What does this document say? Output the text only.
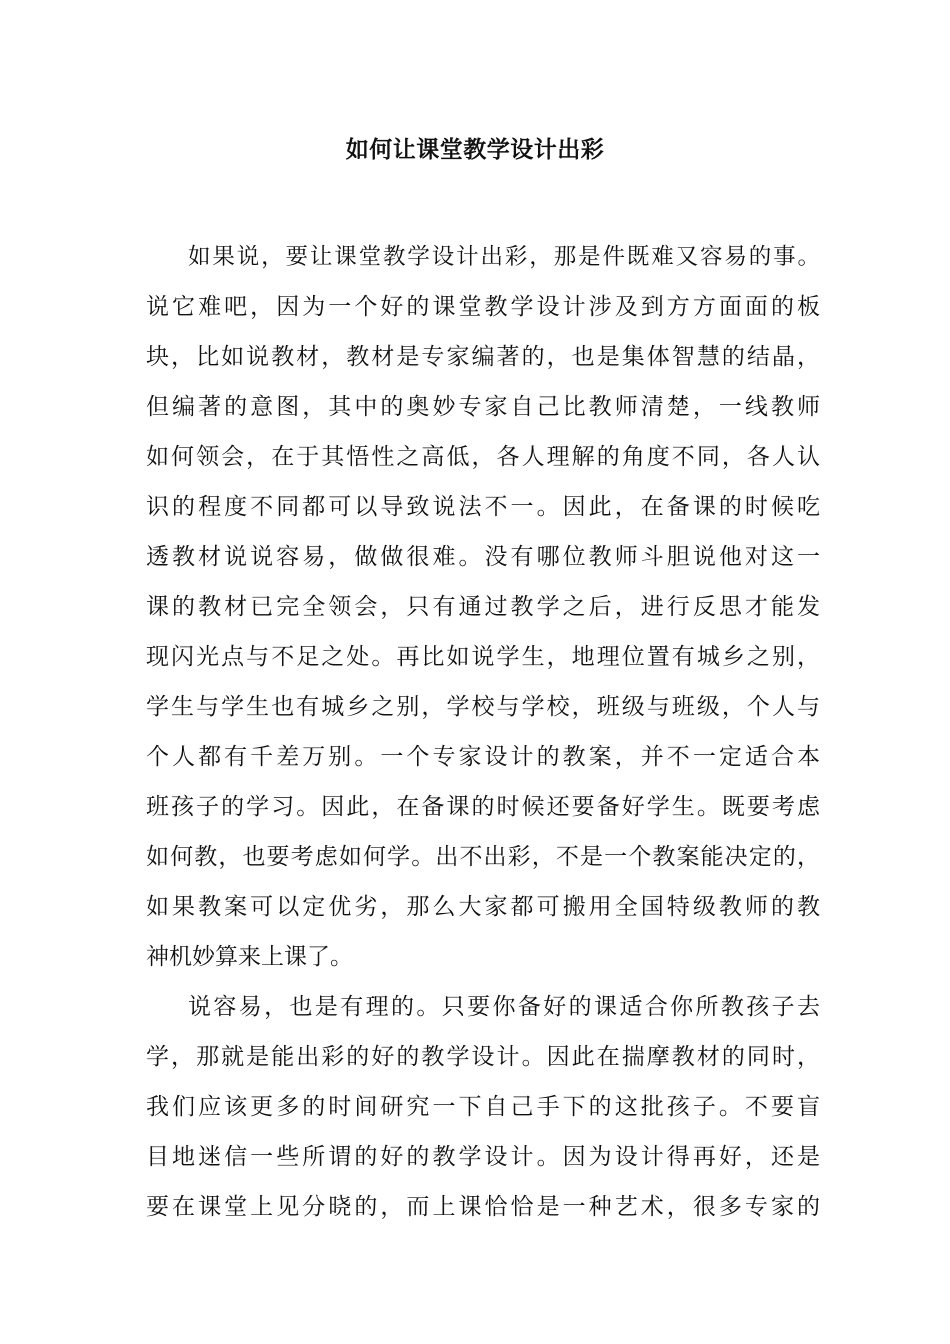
如何让课堂教学设计出彩
如果说，要让课堂教学设计出彩，那是件既难又容易的事。
说它难吧，因为一个好的课堂教学设计涉及到方方面面的板
块，比如说教材，教材是专家编著的，也是集体智慧的结晶，
但编著的意图，其中的奥妙专家自己比教师清楚，一线教师
如何领会，在于其悟性之高低，各人理解的角度不同，各人认
识的程度不同都可以导致说法不一。因此，在备课的时候吃
透教材说说容易，做做很难。没有哪位教师斗胆说他对这一
课的教材已完全领会，只有通过教学之后，进行反思才能发
现闪光点与不足之处。再比如说学生，地理位置有城乡之别，
学生与学生也有城乡之别，学校与学校，班级与班级，个人与
个人都有千差万别。一个专家设计的教案，并不一定适合本
班孩子的学习。因此，在备课的时候还要备好学生。既要考虑
如何教，也要考虑如何学。出不出彩，不是一个教案能决定的，
如果教案可以定优劣，那么大家都可搬用全国特级教师的教
神机妙算来上课了。
说容易，也是有理的。只要你备好的课适合你所教孩子去
学，那就是能出彩的好的教学设计。因此在揣摩教材的同时，
我们应该更多的时间研究一下自己手下的这批孩子。不要盲
目地迷信一些所谓的好的教学设计。因为设计得再好，还是
要在课堂上见分晓的，而上课恰恰是一种艺术，很多专家的
